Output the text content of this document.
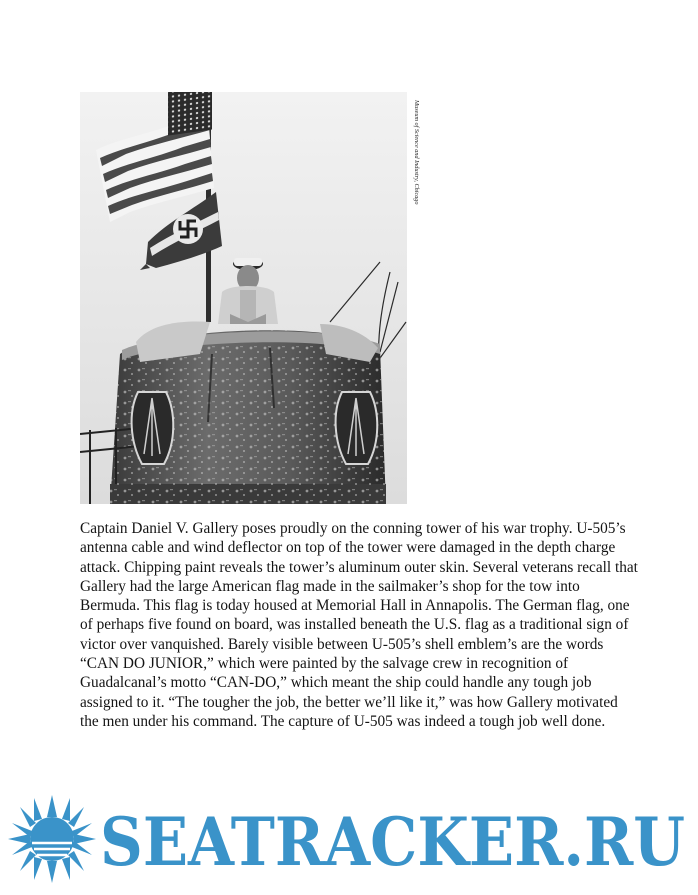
Museum of Science and Industry, Chicago

Captain Daniel V. Gallery poses proudly on the conning tower of his war trophy. U-505’s antenna cable and wind deflector on top of the tower were damaged in the depth charge attack. Chipping paint reveals the tower’s aluminum outer skin. Several veterans recall that Gallery had the large American flag made in the sailmaker’s shop for the tow into Bermuda. This flag is today housed at Memorial Hall in Annapolis. The German flag, one of perhaps five found on board, was installed beneath the U.S. flag as a traditional sign of victor over vanquished. Barely visible between U-505’s shell emblem’s are the words “CAN DO JUNIOR,” which were painted by the salvage crew in recognition of Guadalcanal’s motto “CAN-DO,” which meant the ship could handle any tough job assigned to it. “The tougher the job, the better we’ll like it,” was how Gallery motivated the men under his command. The capture of U-505 was indeed a tough job well done.

SEATRACKER.RU
